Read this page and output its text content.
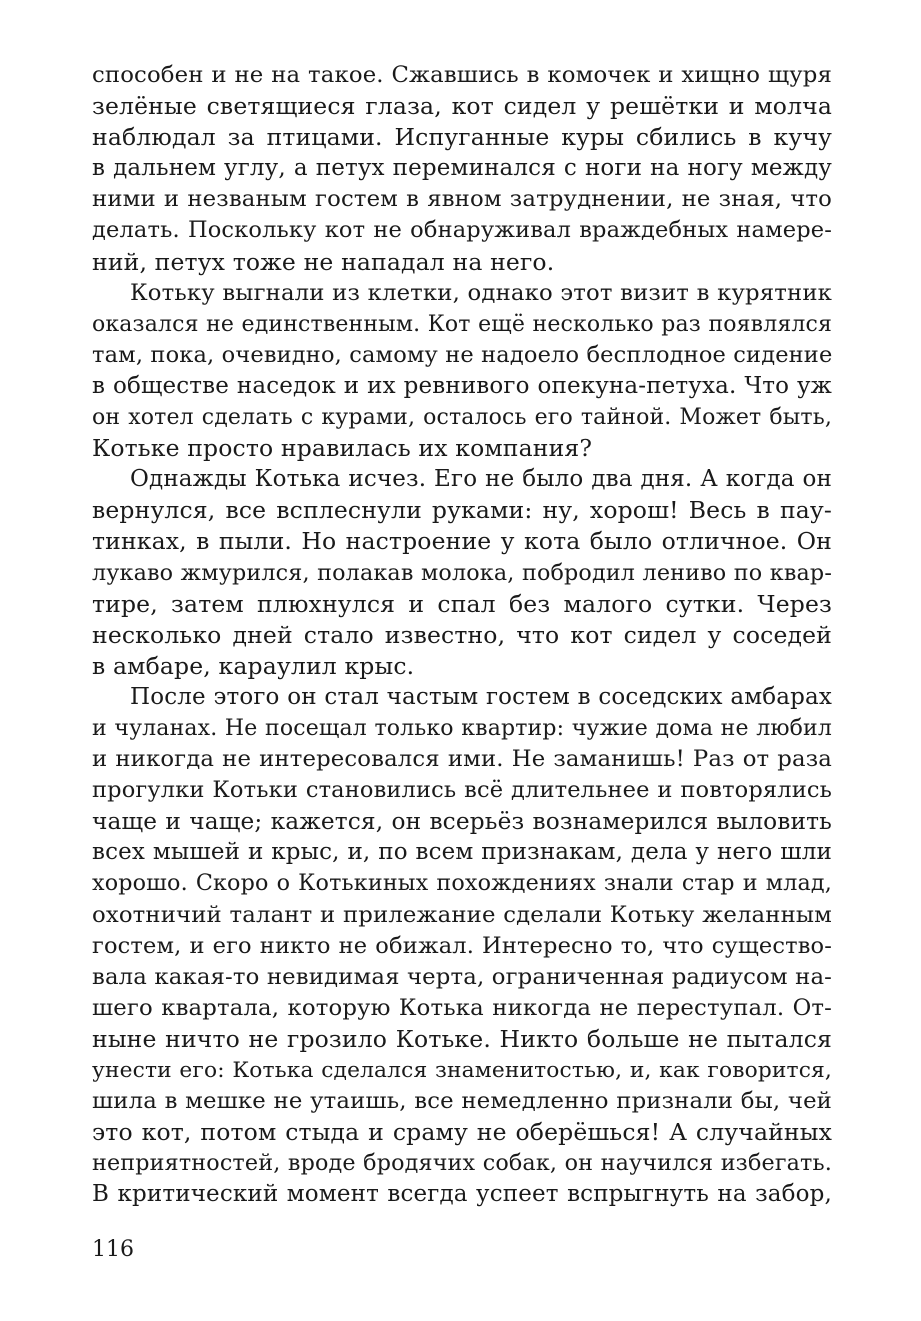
способен и не на такое. Сжавшись в комочек и хищно щуря
зелёные светящиеся глаза, кот сидел у решётки и молча
наблюдал за птицами. Испуганные куры сбились в кучу
в дальнем углу, а петух переминался с ноги на ногу между
ними и незваным гостем в явном затруднении, не зная, что
делать. Поскольку кот не обнаруживал враждебных намере-
ний, петух тоже не нападал на него.
Котьку выгнали из клетки, однако этот визит в курятник
оказался не единственным. Кот ещё несколько раз появлялся
там, пока, очевидно, самому не надоело бесплодное сидение
в обществе наседок и их ревнивого опекуна-петуха. Что уж
он хотел сделать с курами, осталось его тайной. Может быть,
Котьке просто нравилась их компания?
Однажды Котька исчез. Его не было два дня. А когда он
вернулся, все всплеснули руками: ну, хорош! Весь в пау-
тинках, в пыли. Но настроение у кота было отличное. Он
лукаво жмурился, полакав молока, побродил лениво по квар-
тире, затем плюхнулся и спал без малого сутки. Через
несколько дней стало известно, что кот сидел у соседей
в амбаре, караулил крыс.
После этого он стал частым гостем в соседских амбарах
и чуланах. Не посещал только квартир: чужие дома не любил
и никогда не интересовался ими. Не заманишь! Раз от раза
прогулки Котьки становились всё длительнее и повторялись
чаще и чаще; кажется, он всерьёз вознамерился выловить
всех мышей и крыс, и, по всем признакам, дела у него шли
хорошо. Скоро о Котькиных похождениях знали стар и млад,
охотничий талант и прилежание сделали Котьку желанным
гостем, и его никто не обижал. Интересно то, что существо-
вала какая-то невидимая черта, ограниченная радиусом на-
шего квартала, которую Котька никогда не переступал. От-
ныне ничто не грозило Котьке. Никто больше не пытался
унести его: Котька сделался знаменитостью, и, как говорится,
шила в мешке не утаишь, все немедленно признали бы, чей
это кот, потом стыда и сраму не оберёшься! А случайных
неприятностей, вроде бродячих собак, он научился избегать.
В критический момент всегда успеет вспрыгнуть на забор,
116
